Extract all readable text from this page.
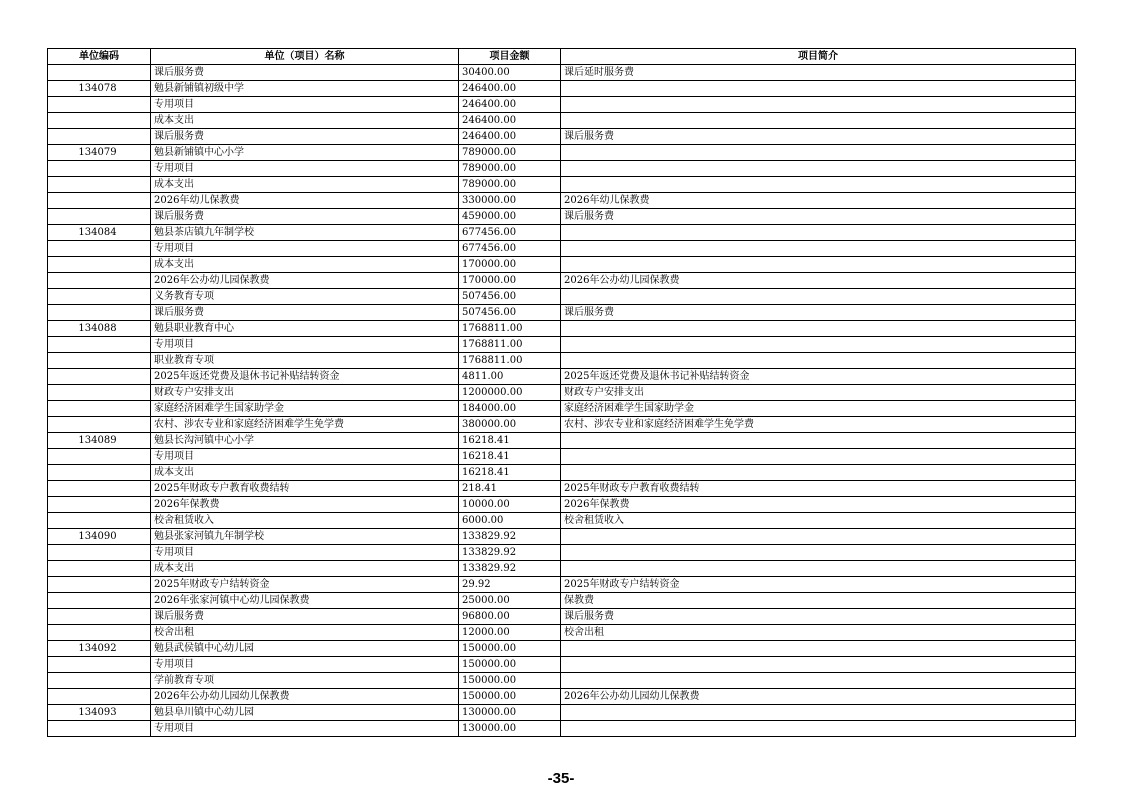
单位编码	单位（项目）名称	项目金额	项目简介
	课后服务费	30400.00	课后延时服务费
134078	勉县新铺镇初级中学	246400.00	
	专用项目	246400.00	
	成本支出	246400.00	
	课后服务费	246400.00	课后服务费
134079	勉县新铺镇中心小学	789000.00	
	专用项目	789000.00	
	成本支出	789000.00	
	2026年幼儿保教费	330000.00	2026年幼儿保教费
	课后服务费	459000.00	课后服务费
134084	勉县茶店镇九年制学校	677456.00	
	专用项目	677456.00	
	成本支出	170000.00	
	2026年公办幼儿园保教费	170000.00	2026年公办幼儿园保教费
	义务教育专项	507456.00	
	课后服务费	507456.00	课后服务费
134088	勉县职业教育中心	1768811.00	
	专用项目	1768811.00	
	职业教育专项	1768811.00	
	2025年返还党费及退休书记补贴结转资金	4811.00	2025年返还党费及退休书记补贴结转资金
	财政专户安排支出	1200000.00	财政专户安排支出
	家庭经济困难学生国家助学金	184000.00	家庭经济困难学生国家助学金
	农村、涉农专业和家庭经济困难学生免学费	380000.00	农村、涉农专业和家庭经济困难学生免学费
134089	勉县长沟河镇中心小学	16218.41	
	专用项目	16218.41	
	成本支出	16218.41	
	2025年财政专户教育收费结转	218.41	2025年财政专户教育收费结转
	2026年保教费	10000.00	2026年保教费
	校舍租赁收入	6000.00	校舍租赁收入
134090	勉县张家河镇九年制学校	133829.92	
	专用项目	133829.92	
	成本支出	133829.92	
	2025年财政专户结转资金	29.92	2025年财政专户结转资金
	2026年张家河镇中心幼儿园保教费	25000.00	保教费
	课后服务费	96800.00	课后服务费
	校舍出租	12000.00	校舍出租
134092	勉县武侯镇中心幼儿园	150000.00	
	专用项目	150000.00	
	学前教育专项	150000.00	
	2026年公办幼儿园幼儿保教费	150000.00	2026年公办幼儿园幼儿保教费
134093	勉县阜川镇中心幼儿园	130000.00	
	专用项目	130000.00	
-35-
